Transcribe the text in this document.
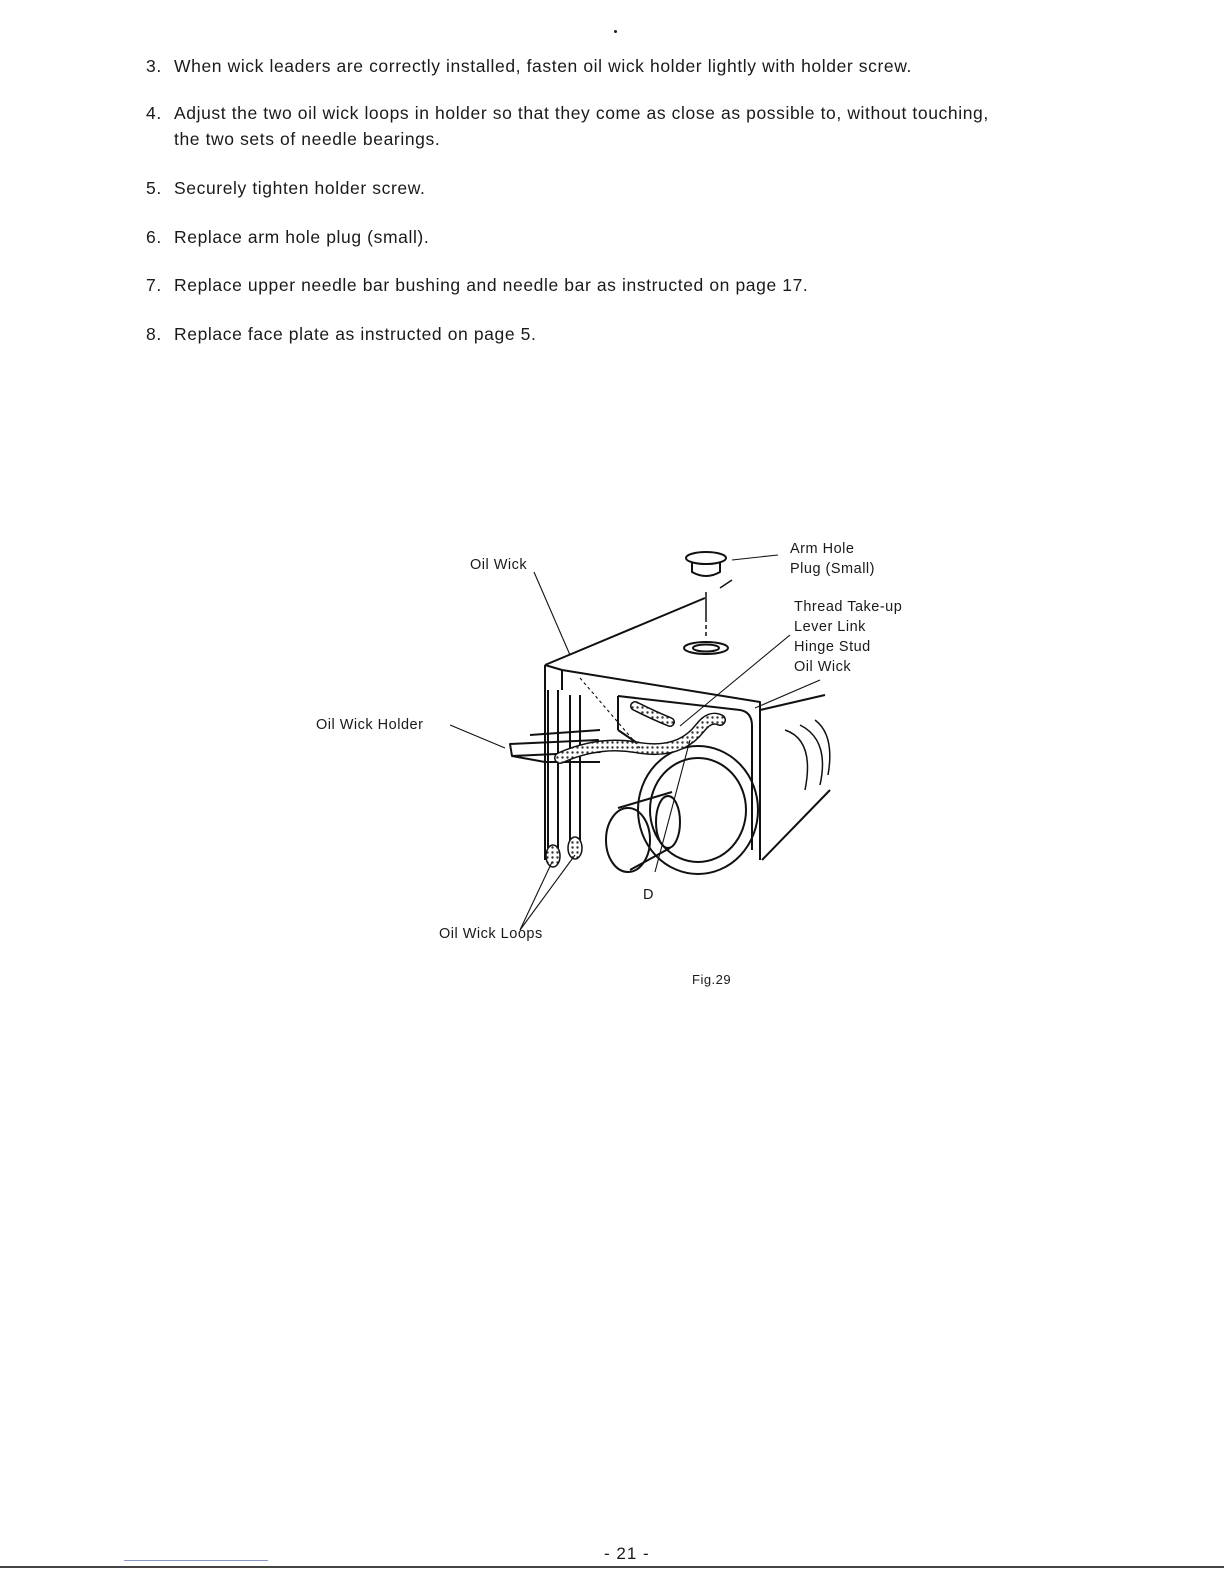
3. When wick leaders are correctly installed, fasten oil wick holder lightly with holder screw.
4. Adjust the two oil wick loops in holder so that they come as close as possible to, without touching,
the two sets of needle bearings.
5. Securely tighten holder screw.
6. Replace arm hole plug (small).
7. Replace upper needle bar bushing and needle bar as instructed on page 17.
8. Replace face plate as instructed on page 5.
Oil Wick
Arm Hole
Plug (Small)
Thread Take-up
Lever Link
Hinge Stud
Oil Wick
Oil Wick Holder
D
Oil Wick Loops
Fig.29
- 21 -
